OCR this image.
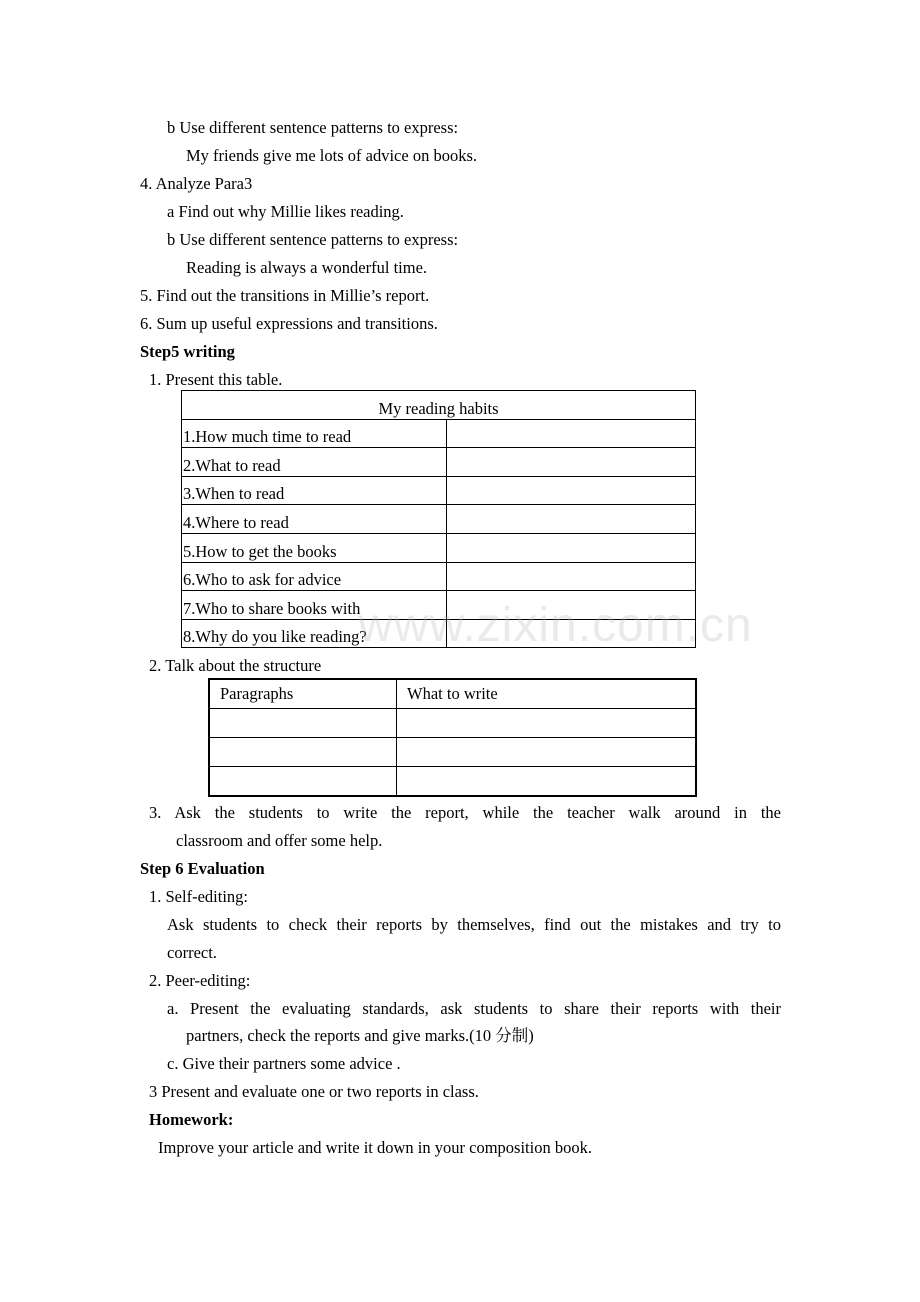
b Use different sentence patterns to express:
My friends give me lots of advice on books.
4. Analyze Para3
a Find out why Millie likes reading.
b Use different sentence patterns to express:
Reading is always a wonderful time.
5. Find out the transitions in Millie’s report.
6. Sum up useful expressions and transitions.
Step5 writing
1. Present this table.
My reading habits	
1.How much time to read	
2.What to read	
3.When to read	
4.Where to read	
5.How to get the books	
6.Who to ask for advice	
7.Who to share books with	
8.Why do you like reading?	
www.zixin.com.cn
2. Talk about the structure
Paragraphs	What to write

3. Ask the students to write the report, while the teacher walk around in the
classroom and offer some help.
Step 6 Evaluation
1. Self-editing:
Ask students to check their reports by themselves, find out the mistakes and try to
correct.
2. Peer-editing:
a. Present the evaluating standards, ask students to share their reports with their
partners, check the reports and give marks.(10 分制)
c. Give their partners some advice .
3 Present and evaluate one or two reports in class.
Homework:
Improve your article and write it down in your composition book.
